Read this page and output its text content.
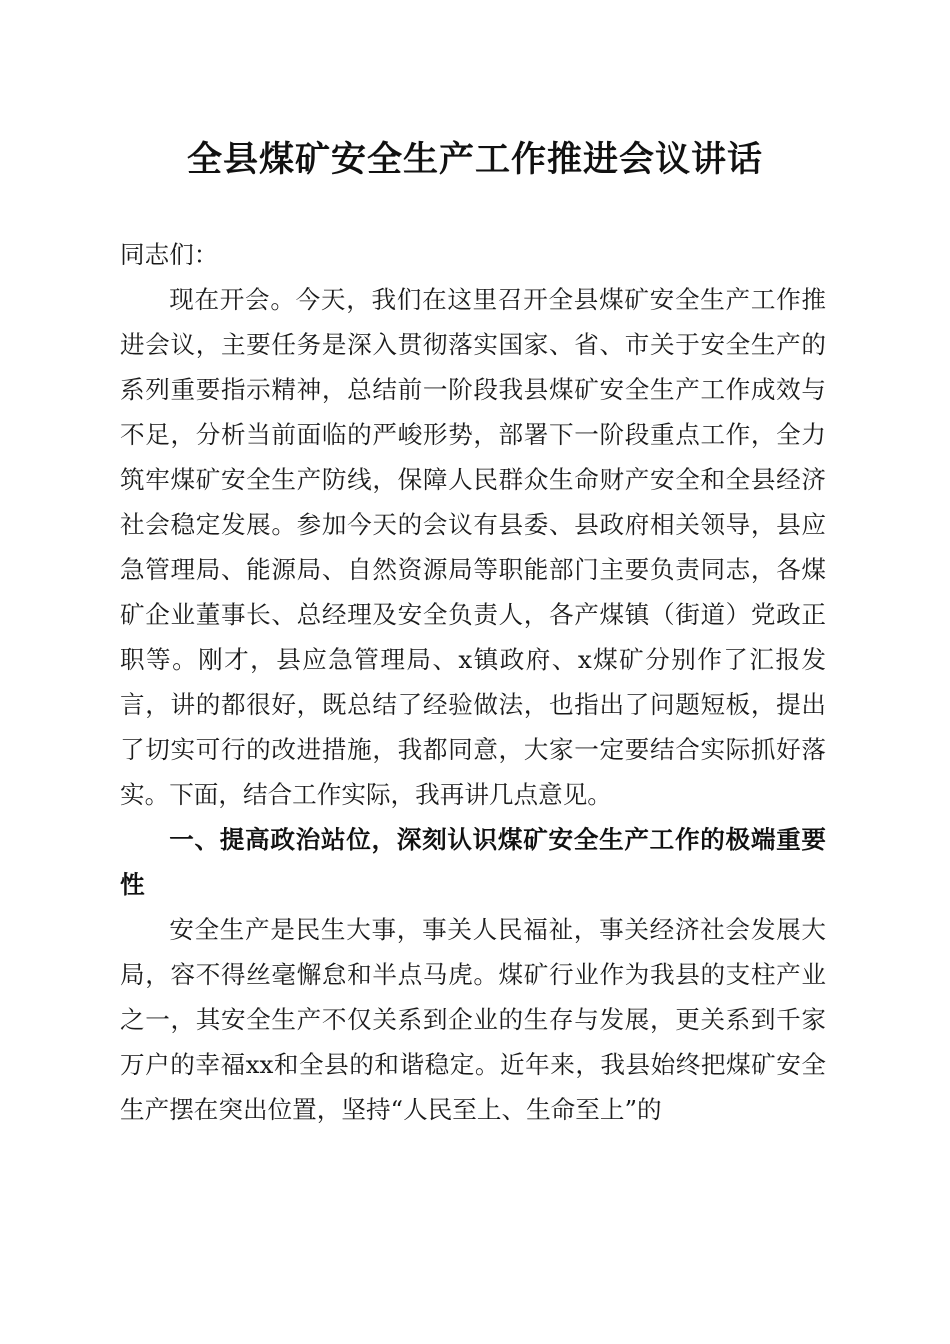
全县煤矿安全生产工作推进会议讲话

同志们：

现在开会。今天，我们在这里召开全县煤矿安全生产工作推进会议，主要任务是深入贯彻落实国家、省、市关于安全生产的系列重要指示精神，总结前一阶段我县煤矿安全生产工作成效与不足，分析当前面临的严峻形势，部署下一阶段重点工作，全力筑牢煤矿安全生产防线，保障人民群众生命财产安全和全县经济社会稳定发展。参加今天的会议有县委、县政府相关领导，县应急管理局、能源局、自然资源局等职能部门主要负责同志，各煤矿企业董事长、总经理及安全负责人，各产煤镇（街道）党政正职等。刚才，县应急管理局、x镇政府、x煤矿分别作了汇报发言，讲的都很好，既总结了经验做法，也指出了问题短板，提出了切实可行的改进措施，我都同意，大家一定要结合实际抓好落实。下面，结合工作实际，我再讲几点意见。

一、提高政治站位，深刻认识煤矿安全生产工作的极端重要性

安全生产是民生大事，事关人民福祉，事关经济社会发展大局，容不得丝毫懈怠和半点马虎。煤矿行业作为我县的支柱产业之一，其安全生产不仅关系到企业的生存与发展，更关系到千家万户的幸福xx和全县的和谐稳定。近年来，我县始终把煤矿安全生产摆在突出位置，坚持“人民至上、生命至上”的
